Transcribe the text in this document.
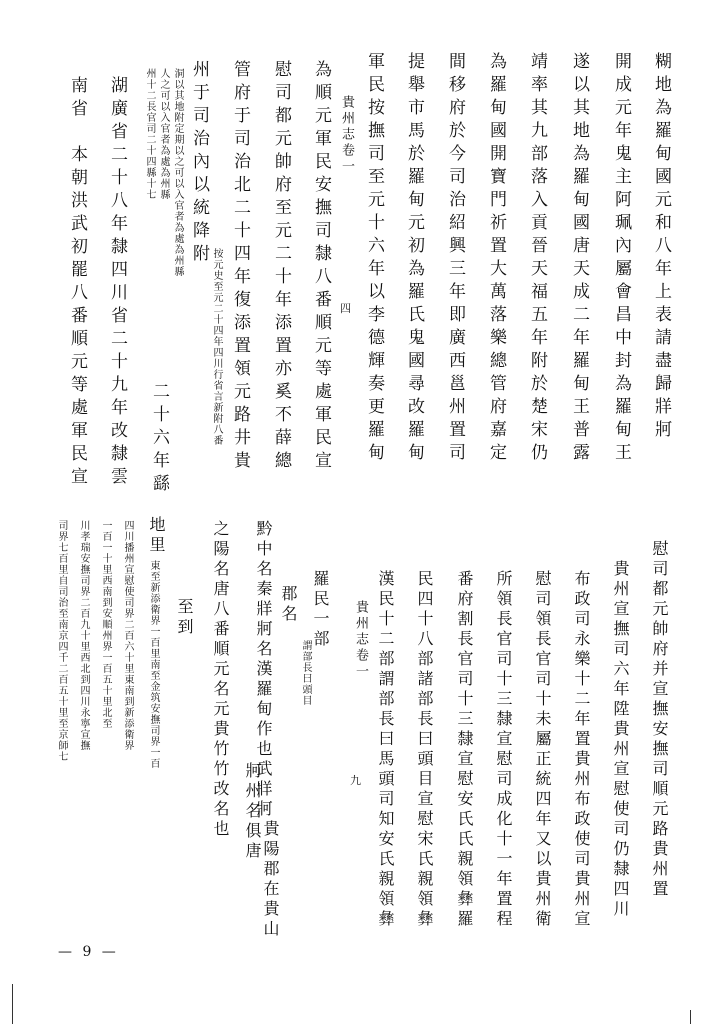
糊地為羅甸國元和八年上表請盡歸牂牁
開成元年鬼主阿珮內屬會昌中封為羅甸王
遂以其地為羅甸國唐天成二年羅甸王普露
靖率其九部落入貢晉天福五年附於楚宋仍
為羅甸國開寶門祈置大萬落樂總管府嘉定
間移府於今司治紹興三年即廣西邕州置司
提舉市馬於羅甸元初為羅氏鬼國尋改羅甸
軍民按撫司至元十六年以李德輝奏更羅甸
貴州志卷一
四
為順元軍民安撫司隸八番順元等處軍民宣
慰司都元帥府至元二十年添置亦奚不薛總
管府于司治北二十四年復添置領元路井貴
州于司治內以統降附
按元史至元二十四年四川行省言新附八番
洞以其地附定期以之可以入官者為處為州縣
人之可以入官者為處為州縣
州十二長官司二十四縣十七
二十六年繇
湖廣省二十八年隸四川省二十九年改隸雲
南省　本朝洪武初罷八番順元等處軍民宣
慰司都元帥府并宣撫安撫司順元路貴州置
貴州宣撫司六年陞貴州宣慰使司仍隸四川
布政司永樂十二年置貴州布政使司貴州宣
慰司領長官司十未屬正統四年又以貴州衛
所領長官司十三隸宣慰司成化十一年置程
番府割長官司十三隸宣慰安氏氏親領彝羅
民四十八部諸部長曰頭目宣慰宋氏親領彝
漢民十二部謂部長曰馬頭司知安氏親領彝
貴州志卷一
九
羅民一部
謂部長曰頭目
郡名
黔中名秦牂牁名漢羅甸作也武牂牁
之陽名唐八番順元名元貴竹竹改名也 牁州名俱唐
貴陽郡在貴山
地里
至到
東至新添衛界一百里南至金筑安撫司界一百
四川播州宣慰使司界二百六十里東南到新添衛界
一百一十里西南到安順州界一百五十里北至
川孝瑞安撫司界二百九十里西北到四川永寧宣撫
司界七百里自司治至南京四千二百五十里至京師七
— 9 —
